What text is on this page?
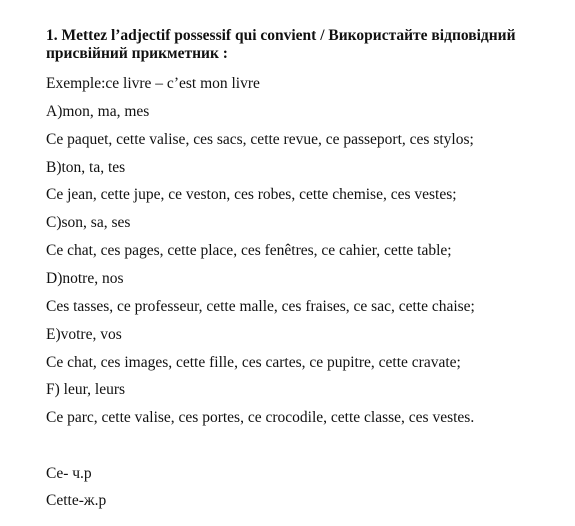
1. Mettez l’adjectif possessif qui convient / Використайте відповідний присвійний прикметник :

Exemple:ce livre – c’est mon livre

A)mon, ma, mes

Ce paquet, cette valise, ces sacs, cette revue, ce passeport, ces stylos;

B)ton, ta, tes

Ce jean, cette jupe, ce veston, ces robes, cette chemise, ces vestes;

C)son, sa, ses

Ce chat, ces pages, cette place, ces fenêtres, ce cahier, cette table;

D)notre, nos

Ces tasses, ce professeur, cette malle, ces fraises, ce sac, cette chaise;

E)votre, vos

Ce chat, ces images, cette fille, ces cartes, ce pupitre, cette cravate;

F) leur, leurs

Ce parc, cette valise, ces portes, ce crocodile, cette classe, ces vestes.

Ce- ч.р

Cette-ж.р
